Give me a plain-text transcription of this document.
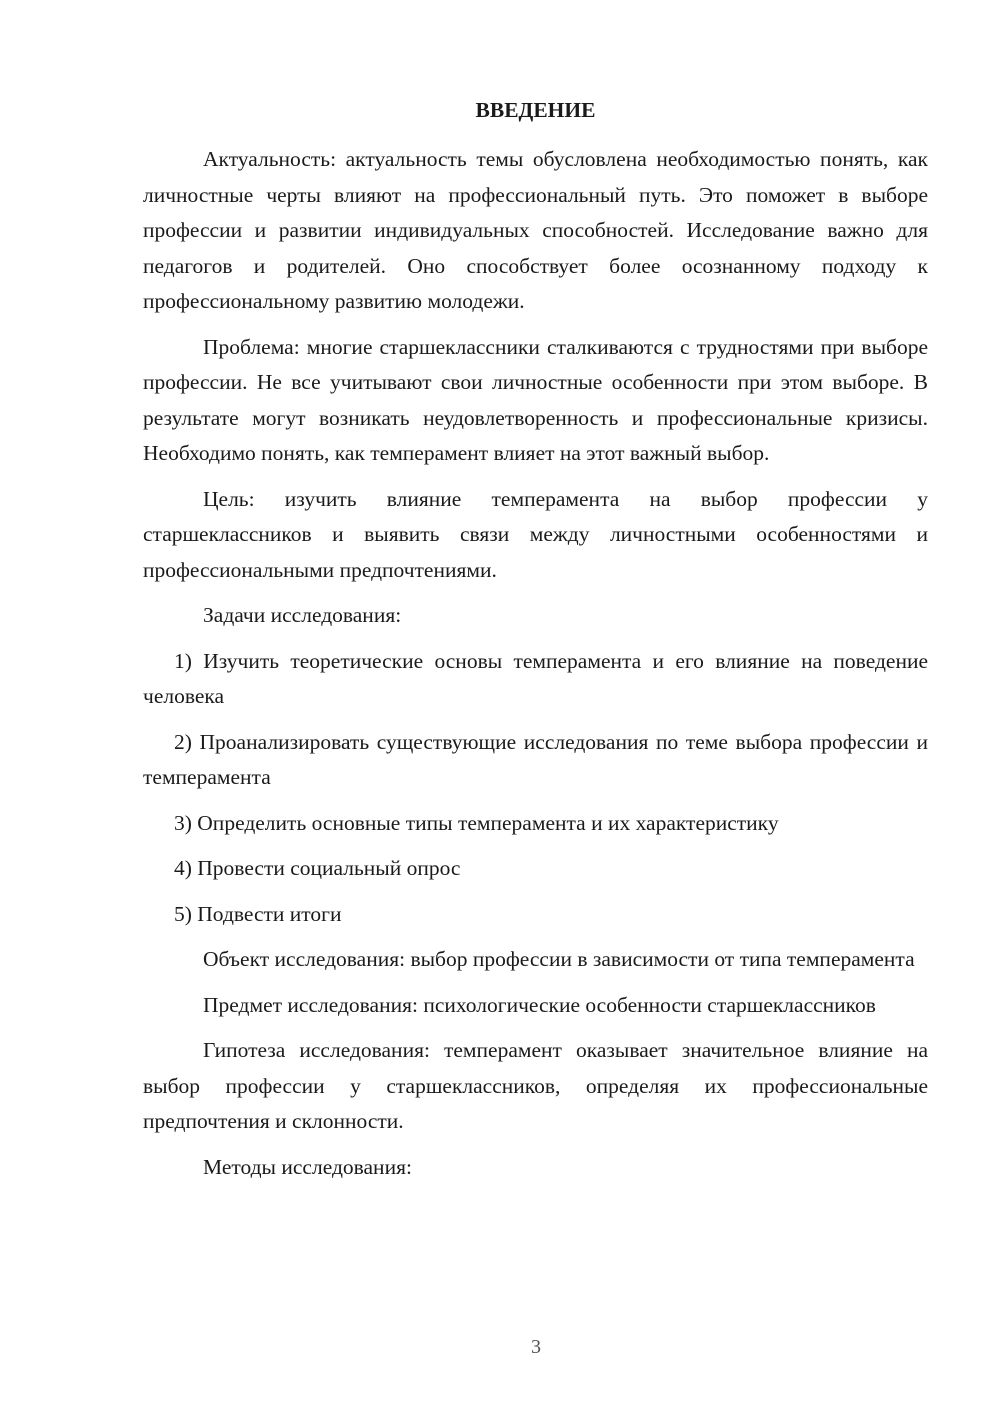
ВВЕДЕНИЕ

Актуальность: актуальность темы обусловлена необходимостью понять, как личностные черты влияют на профессиональный путь. Это поможет в выборе профессии и развитии индивидуальных способностей. Исследование важно для педагогов и родителей. Оно способствует более осознанному подходу к профессиональному развитию молодежи.

Проблема: многие старшеклассники сталкиваются с трудностями при выборе профессии. Не все учитывают свои личностные особенности при этом выборе. В результате могут возникать неудовлетворенность и профессиональные кризисы. Необходимо понять, как темперамент влияет на этот важный выбор.

Цель: изучить влияние темперамента на выбор профессии у старшеклассников и выявить связи между личностными особенностями и профессиональными предпочтениями.

Задачи исследования:

1) Изучить теоретические основы темперамента и его влияние на поведение человека

2) Проанализировать существующие исследования по теме выбора профессии и темперамента

3) Определить основные типы темперамента и их характеристику

4) Провести социальный опрос

5) Подвести итоги

Объект исследования: выбор профессии в зависимости от типа темперамента

Предмет исследования: психологические особенности старшеклассников

Гипотеза исследования: темперамент оказывает значительное влияние на выбор профессии у старшеклассников, определяя их профессиональные предпочтения и склонности.

Методы исследования:

3
